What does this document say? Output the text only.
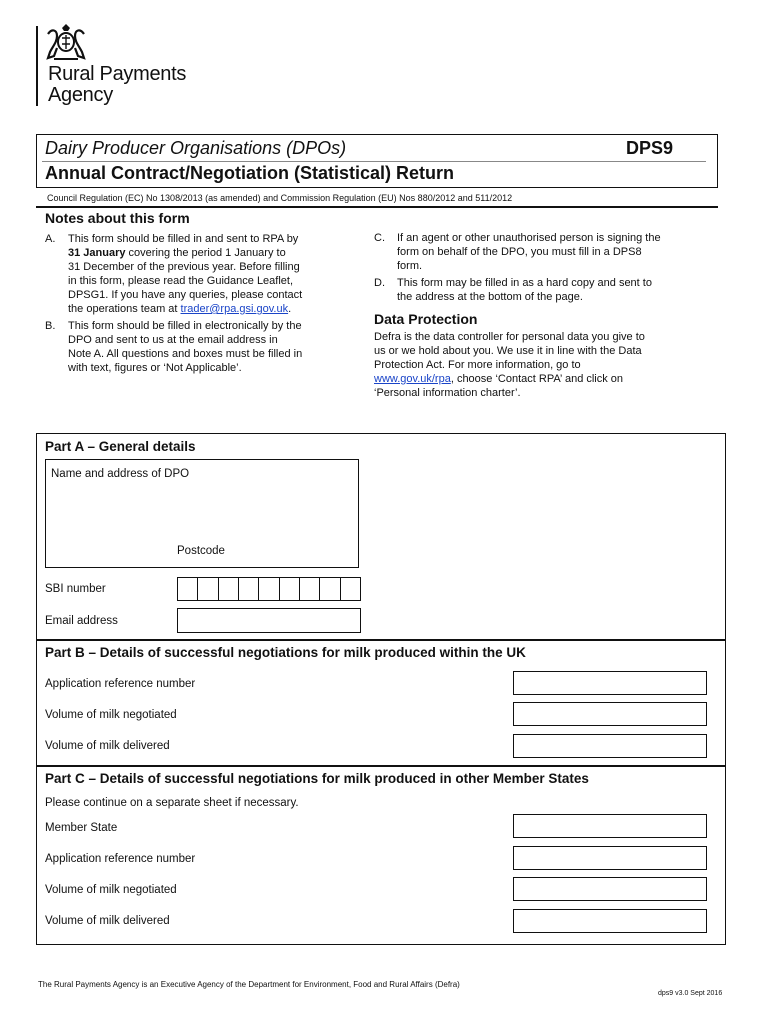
Rural Payments
Agency
Dairy Producer Organisations (DPOs)	DPS9
Annual Contract/Negotiation (Statistical) Return
Council Regulation (EC) No 1308/2013 (as amended) and Commission Regulation (EU) Nos 880/2012 and 511/2012
Notes about this form
A. This form should be filled in and sent to RPA by
31 January covering the period 1 January to
31 December of the previous year. Before filling
in this form, please read the Guidance Leaflet,
DPSG1. If you have any queries, please contact
the operations team at trader@rpa.gsi.gov.uk.
B. This form should be filled in electronically by the
DPO and sent to us at the email address in
Note A. All questions and boxes must be filled in
with text, figures or ‘Not Applicable’.
C. If an agent or other unauthorised person is signing the
form on behalf of the DPO, you must fill in a DPS8
form.
D. This form may be filled in as a hard copy and sent to
the address at the bottom of the page.
Data Protection
Defra is the data controller for personal data you give to
us or we hold about you. We use it in line with the Data
Protection Act. For more information, go to
www.gov.uk/rpa, choose ‘Contact RPA’ and click on
‘Personal information charter’.
Part A – General details
Name and address of DPO
Postcode
SBI number
Email address
Part B – Details of successful negotiations for milk produced within the UK
Application reference number
Volume of milk negotiated
Volume of milk delivered
Part C – Details of successful negotiations for milk produced in other Member States
Please continue on a separate sheet if necessary.
Member State
Application reference number
Volume of milk negotiated
Volume of milk delivered
The Rural Payments Agency is an Executive Agency of the Department for Environment, Food and Rural Affairs (Defra)
dps9 v3.0 Sept 2016
